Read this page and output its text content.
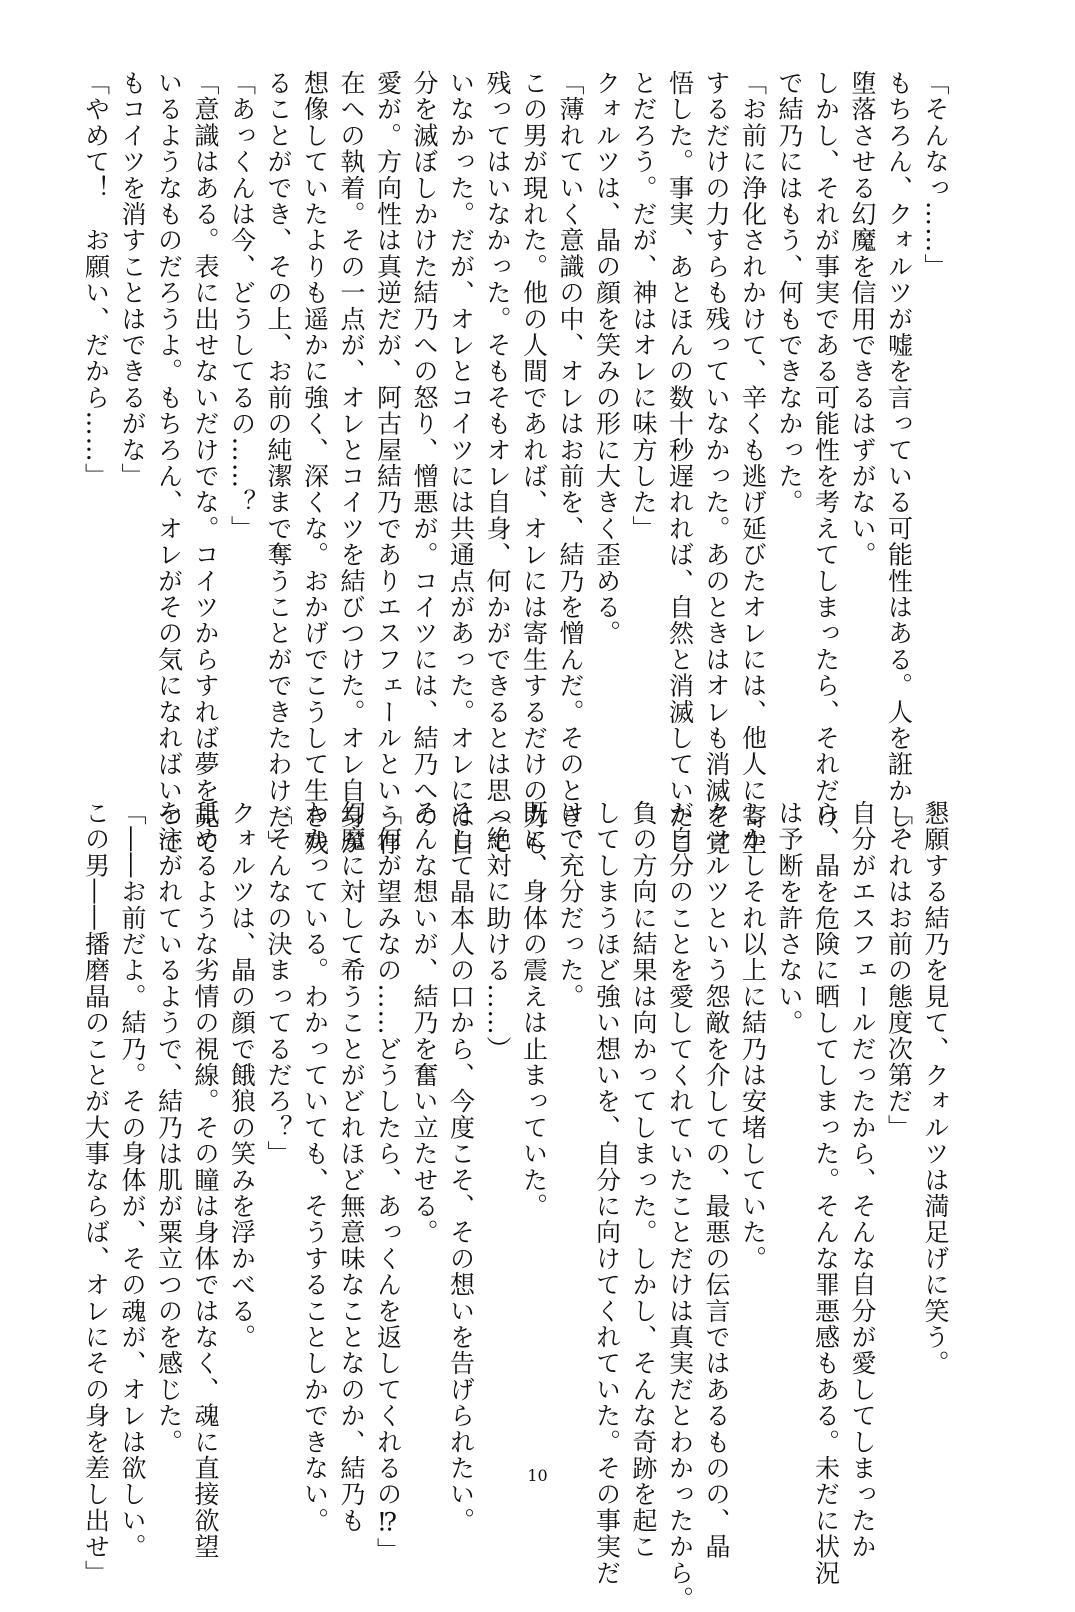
「そんなっ……」
もちろん、クォルツが嘘を言っている可能性はある。人を誑かし、
堕落させる幻魔を信用できるはずがない。
しかし、それが事実である可能性を考えてしまったら、それだけ
で結乃にはもう、何もできなかった。
「お前に浄化されかけて、辛くも逃げ延びたオレには、他人に寄生
するだけの力すらも残っていなかった。あのときはオレも消滅を覚
悟した。事実、あとほんの数十秒遅れれば、自然と消滅していたこ
とだろう。だが、神はオレに味方した」
クォルツは、晶の顔を笑みの形に大きく歪める。
「薄れていく意識の中、オレはお前を、結乃を憎んだ。そのとき、
この男が現れた。他の人間であれば、オレには寄生するだけの力も
残ってはいなかった。そもそもオレ自身、何かができるとは思って
いなかった。だが、オレとコイツには共通点があった。オレには自
分を滅ぼしかけた結乃への怒り、憎悪が。コイツには、結乃への
愛が。方向性は真逆だが、阿古屋結乃でありエスフェールという存
在への執着。その一点が、オレとコイツを結びつけた。オレ自身が
想像していたよりも遥かに強く、深くな。おかげでこうして生き残
ることができ、その上、お前の純潔まで奪うことができたわけだ」
「あっくんは今、どうしてるの……？」
「意識はある。表に出せないだけでな。コイツからすれば夢を見て
いるようなものだろうよ。もちろん、オレがその気になればいつで
もコイツを消すことはできるがな」
「やめて！　お願い、だから……」
懇願する結乃を見て、クォルツは満足げに笑う。
「それはお前の態度次第だ」
自分がエスフェールだったから、そんな自分が愛してしまったか
ら、晶を危険に晒してしまった。そんな罪悪感もある。未だに状況
は予断を許さない。
しかしそれ以上に結乃は安堵していた。
クォルツという怨敵を介しての、最悪の伝言ではあるものの、晶
が自分のことを愛してくれていたことだけは真実だとわかったから。
負の方向に結果は向かってしまった。しかし、そんな奇跡を起こ
してしまうほど強い想いを、自分に向けてくれていた。その事実だ
けで充分だった。
既に、身体の震えは止まっていた。
（絶対に助ける……）
そして晶本人の口から、今度こそ、その想いを告げられたい。
そんな想いが、結乃を奮い立たせる。
「何が望みなの……どうしたら、あっくんを返してくれるの⁉」
幻魔に対して希うことがどれほど無意味なことなのか、結乃も
わかっている。わかっていても、そうすることしかできない。
「そんなの決まってるだろ？」
クォルツは、晶の顔で餓狼の笑みを浮かべる。
舐めるような劣情の視線。その瞳は身体ではなく、魂に直接欲望
を注がれているようで、結乃は肌が粟立つのを感じた。
「――お前だよ。結乃。その身体が、その魂が、オレは欲しい。
この男――播磨晶のことが大事ならば、オレにその身を差し出せ」	10
